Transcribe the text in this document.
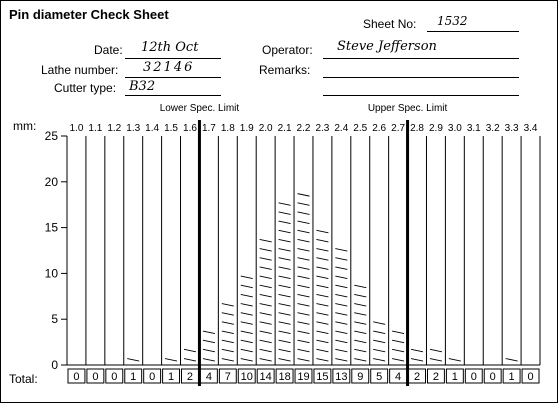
Pin diameter Check Sheet
Sheet No: 1532
Date: 12th Oct
Lathe number: 32146
Cutter type: B32
Operator: Steve Jefferson
Remarks:
0
5
10
15
20
25
mm:	1.0 1.1 1.2 1.3 1.4 1.5 1.6 1.7 1.8 1.9 2.0 2.1 2.2 2.3 2.4 2.5 2.6 2.7 2.8 2.9 3.0 3.1 3.2 3.3 3.4
Lower Spec. Limit	Upper Spec. Limit
Total:	0 0 0 1 0 1 2 4 7 10 14 18 19 15 13 9 5 4 2 2 1 0 0 1 0
